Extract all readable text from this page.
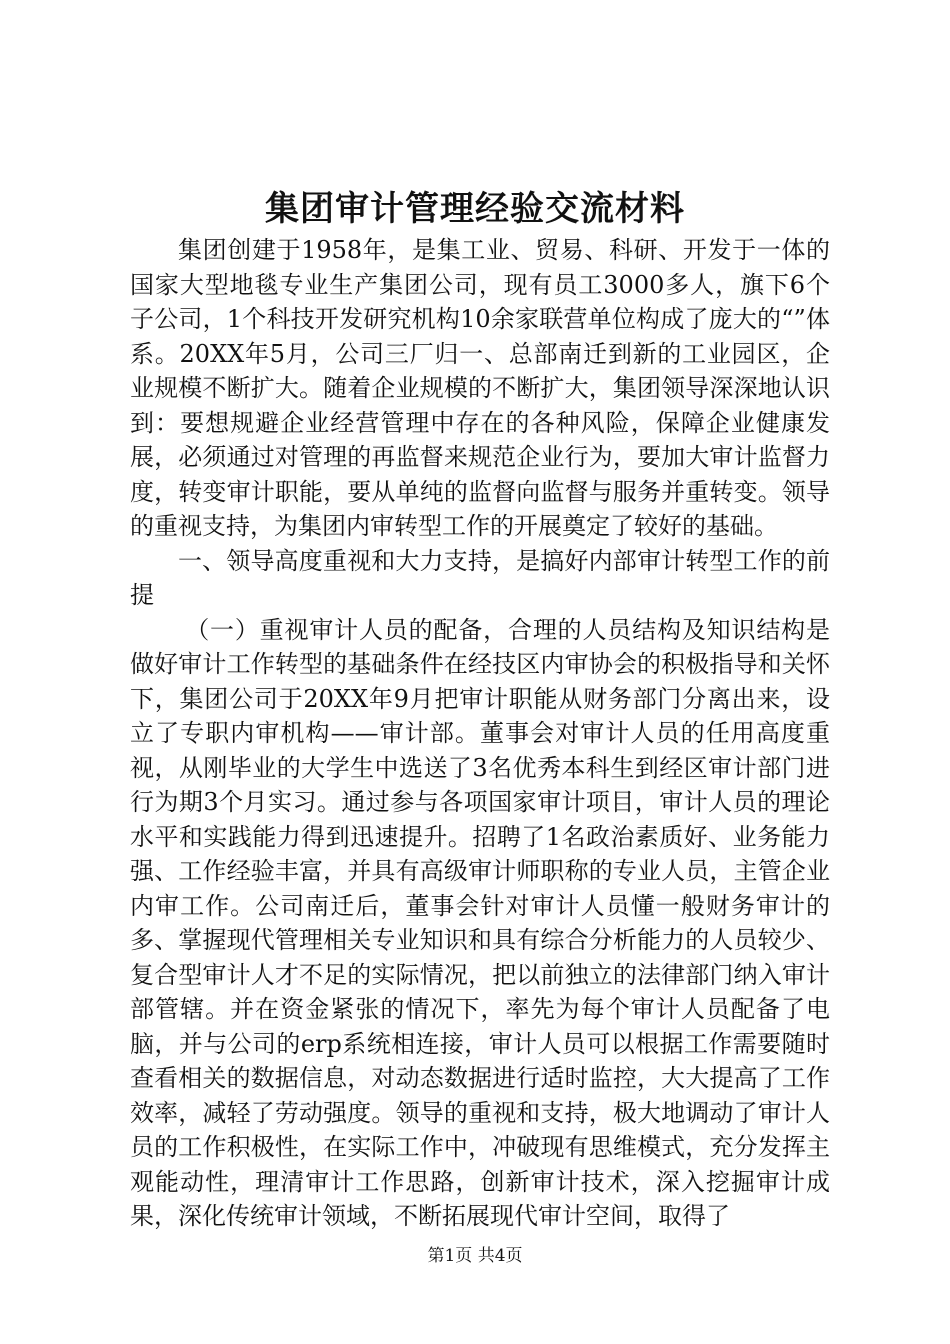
集团审计管理经验交流材料

集团创建于1958年，是集工业、贸易、科研、开发于一体的国家大型地毯专业生产集团公司，现有员工3000多人，旗下6个子公司，1个科技开发研究机构10余家联营单位构成了庞大的“”体系。20XX年5月，公司三厂归一、总部南迁到新的工业园区，企业规模不断扩大。随着企业规模的不断扩大，集团领导深深地认识到：要想规避企业经营管理中存在的各种风险，保障企业健康发展，必须通过对管理的再监督来规范企业行为，要加大审计监督力度，转变审计职能，要从单纯的监督向监督与服务并重转变。领导的重视支持，为集团内审转型工作的开展奠定了较好的基础。

一、领导高度重视和大力支持，是搞好内部审计转型工作的前提

（一）重视审计人员的配备，合理的人员结构及知识结构是做好审计工作转型的基础条件在经技区内审协会的积极指导和关怀下，集团公司于20XX年9月把审计职能从财务部门分离出来，设立了专职内审机构——审计部。董事会对审计人员的任用高度重视，从刚毕业的大学生中选送了3名优秀本科生到经区审计部门进行为期3个月实习。通过参与各项国家审计项目，审计人员的理论水平和实践能力得到迅速提升。招聘了1名政治素质好、业务能力强、工作经验丰富，并具有高级审计师职称的专业人员，主管企业内审工作。公司南迁后，董事会针对审计人员懂一般财务审计的多、掌握现代管理相关专业知识和具有综合分析能力的人员较少、复合型审计人才不足的实际情况，把以前独立的法律部门纳入审计部管辖。并在资金紧张的情况下，率先为每个审计人员配备了电脑，并与公司的erp系统相连接，审计人员可以根据工作需要随时查看相关的数据信息，对动态数据进行适时监控，大大提高了工作效率，减轻了劳动强度。领导的重视和支持，极大地调动了审计人员的工作积极性，在实际工作中，冲破现有思维模式，充分发挥主观能动性，理清审计工作思路，创新审计技术，深入挖掘审计成果，深化传统审计领域，不断拓展现代审计空间，取得了

第1页 共4页
